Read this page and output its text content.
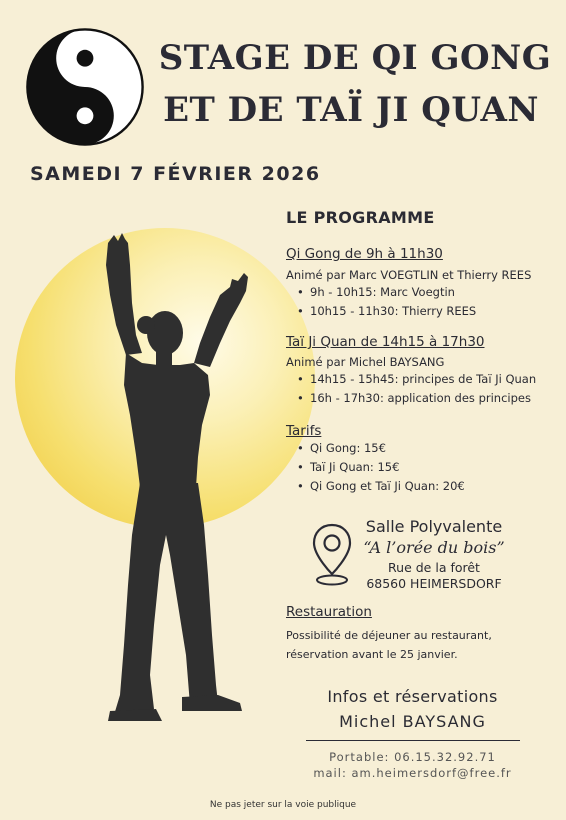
STAGE DE QI GONG
ET DE TAÏ JI QUAN
SAMEDI 7 FÉVRIER 2026
LE PROGRAMME
Qi Gong de 9h à 11h30
Animé par Marc VOEGTLIN et Thierry REES
• 9h - 10h15: Marc Voegtin
• 10h15 - 11h30: Thierry REES
Taï Ji Quan de 14h15 à 17h30
Animé par Michel BAYSANG
• 14h15 - 15h45: principes de Taï Ji Quan
• 16h - 17h30: application des principes
Tarifs
• Qi Gong: 15€
• Taï Ji Quan: 15€
• Qi Gong et Taï Ji Quan: 20€
Salle Polyvalente
“A l’orée du bois”
Rue de la forêt
68560 HEIMERSDORF
Restauration
Possibilité de déjeuner au restaurant, réservation avant le 25 janvier.
Infos et réservations
Michel BAYSANG
Portable: 06.15.32.92.71
mail: am.heimersdorf@free.fr
Ne pas jeter sur la voie publique
